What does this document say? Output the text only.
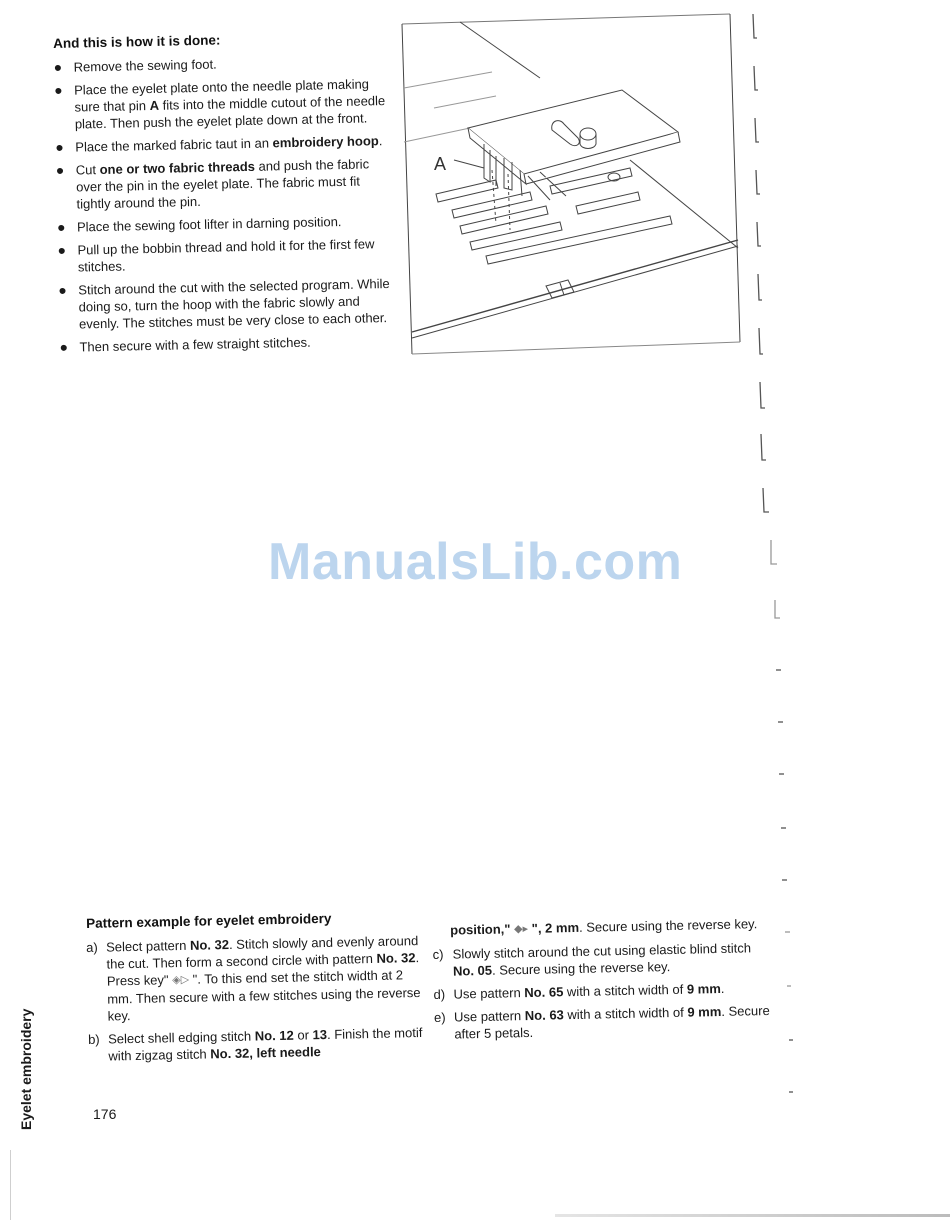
And this is how it is done:
● Remove the sewing foot.
● Place the eyelet plate onto the needle plate making sure that pin A fits into the middle cutout of the needle plate. Then push the eyelet plate down at the front.
● Place the marked fabric taut in an embroidery hoop.
● Cut one or two fabric threads and push the fabric over the pin in the eyelet plate. The fabric must fit tightly around the pin.
● Place the sewing foot lifter in darning position.
● Pull up the bobbin thread and hold it for the first few stitches.
● Stitch around the cut with the selected program. While doing so, turn the hoop with the fabric slowly and evenly. The stitches must be very close to each other.
● Then secure with a few straight stitches.
A
ManualsLib.com
Pattern example for eyelet embroidery
a) Select pattern No. 32. Stitch slowly and evenly around the cut. Then form a second circle with pattern No. 32. Press key" ◈▷ ". To this end set the stitch width at 2 mm. Then secure with a few stitches using the reverse key.
b) Select shell edging stitch No. 12 or 13. Finish the motif with zigzag stitch No. 32, left needle
position," ◆▸ ", 2 mm. Secure using the reverse key.
c) Slowly stitch around the cut using elastic blind stitch No. 05. Secure using the reverse key.
d) Use pattern No. 65 with a stitch width of 9 mm.
e) Use pattern No. 63 with a stitch width of 9 mm. Secure after 5 petals.
Eyelet embroidery	176
